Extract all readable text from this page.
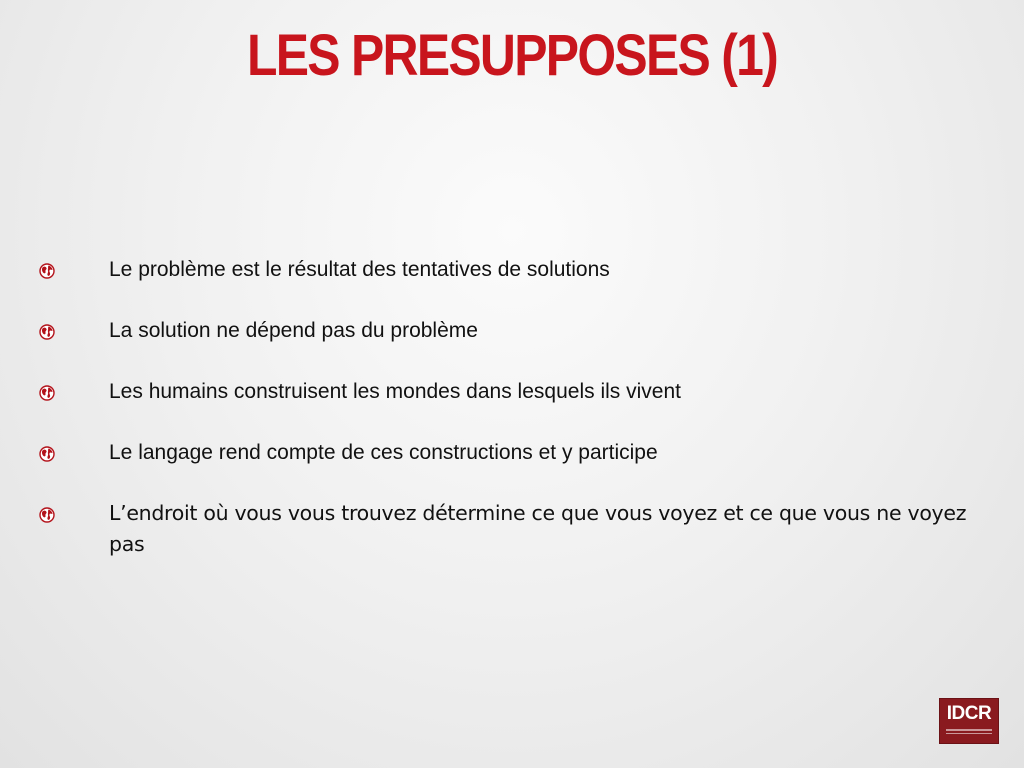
LES PRESUPPOSES (1)
Le problème est le résultat des tentatives de solutions
La solution ne dépend pas du problème
Les humains construisent les mondes dans lesquels ils vivent
Le langage rend compte de ces constructions et y participe
L’endroit où vous vous trouvez détermine ce que vous voyez et ce que vous ne voyez pas
IDCR
